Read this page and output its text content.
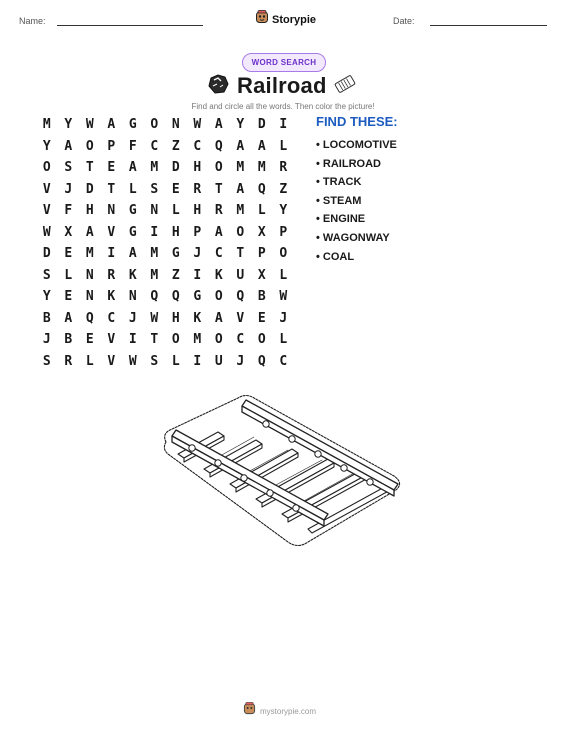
Name:	Storypie	Date:
WORD SEARCH
Railroad
Find and circle all the words. Then color the picture!
M	Y	W	A	G	O	N	W	A	Y	D	I
Y	A	O	P	F	C	Z	C	Q	A	A	L
O	S	T	E	A	M	D	H	O	M	M	R
V	J	D	T	L	S	E	R	T	A	Q	Z
V	F	H	N	G	N	L	H	R	M	L	Y
W	X	A	V	G	I	H	P	A	O	X	P
D	E	M	I	A	M	G	J	C	T	P	O
S	L	N	R	K	M	Z	I	K	U	X	L
Y	E	N	K	N	Q	Q	G	O	Q	B	W
B	A	Q	C	J	W	H	K	A	V	E	J
J	B	E	V	I	T	O	M	O	C	O	L
S	R	L	V	W	S	L	I	U	J	Q	C
FIND THESE:
• LOCOMOTIVE
• RAILROAD
• TRACK
• STEAM
• ENGINE
• WAGONWAY
• COAL
mystorypie.com
